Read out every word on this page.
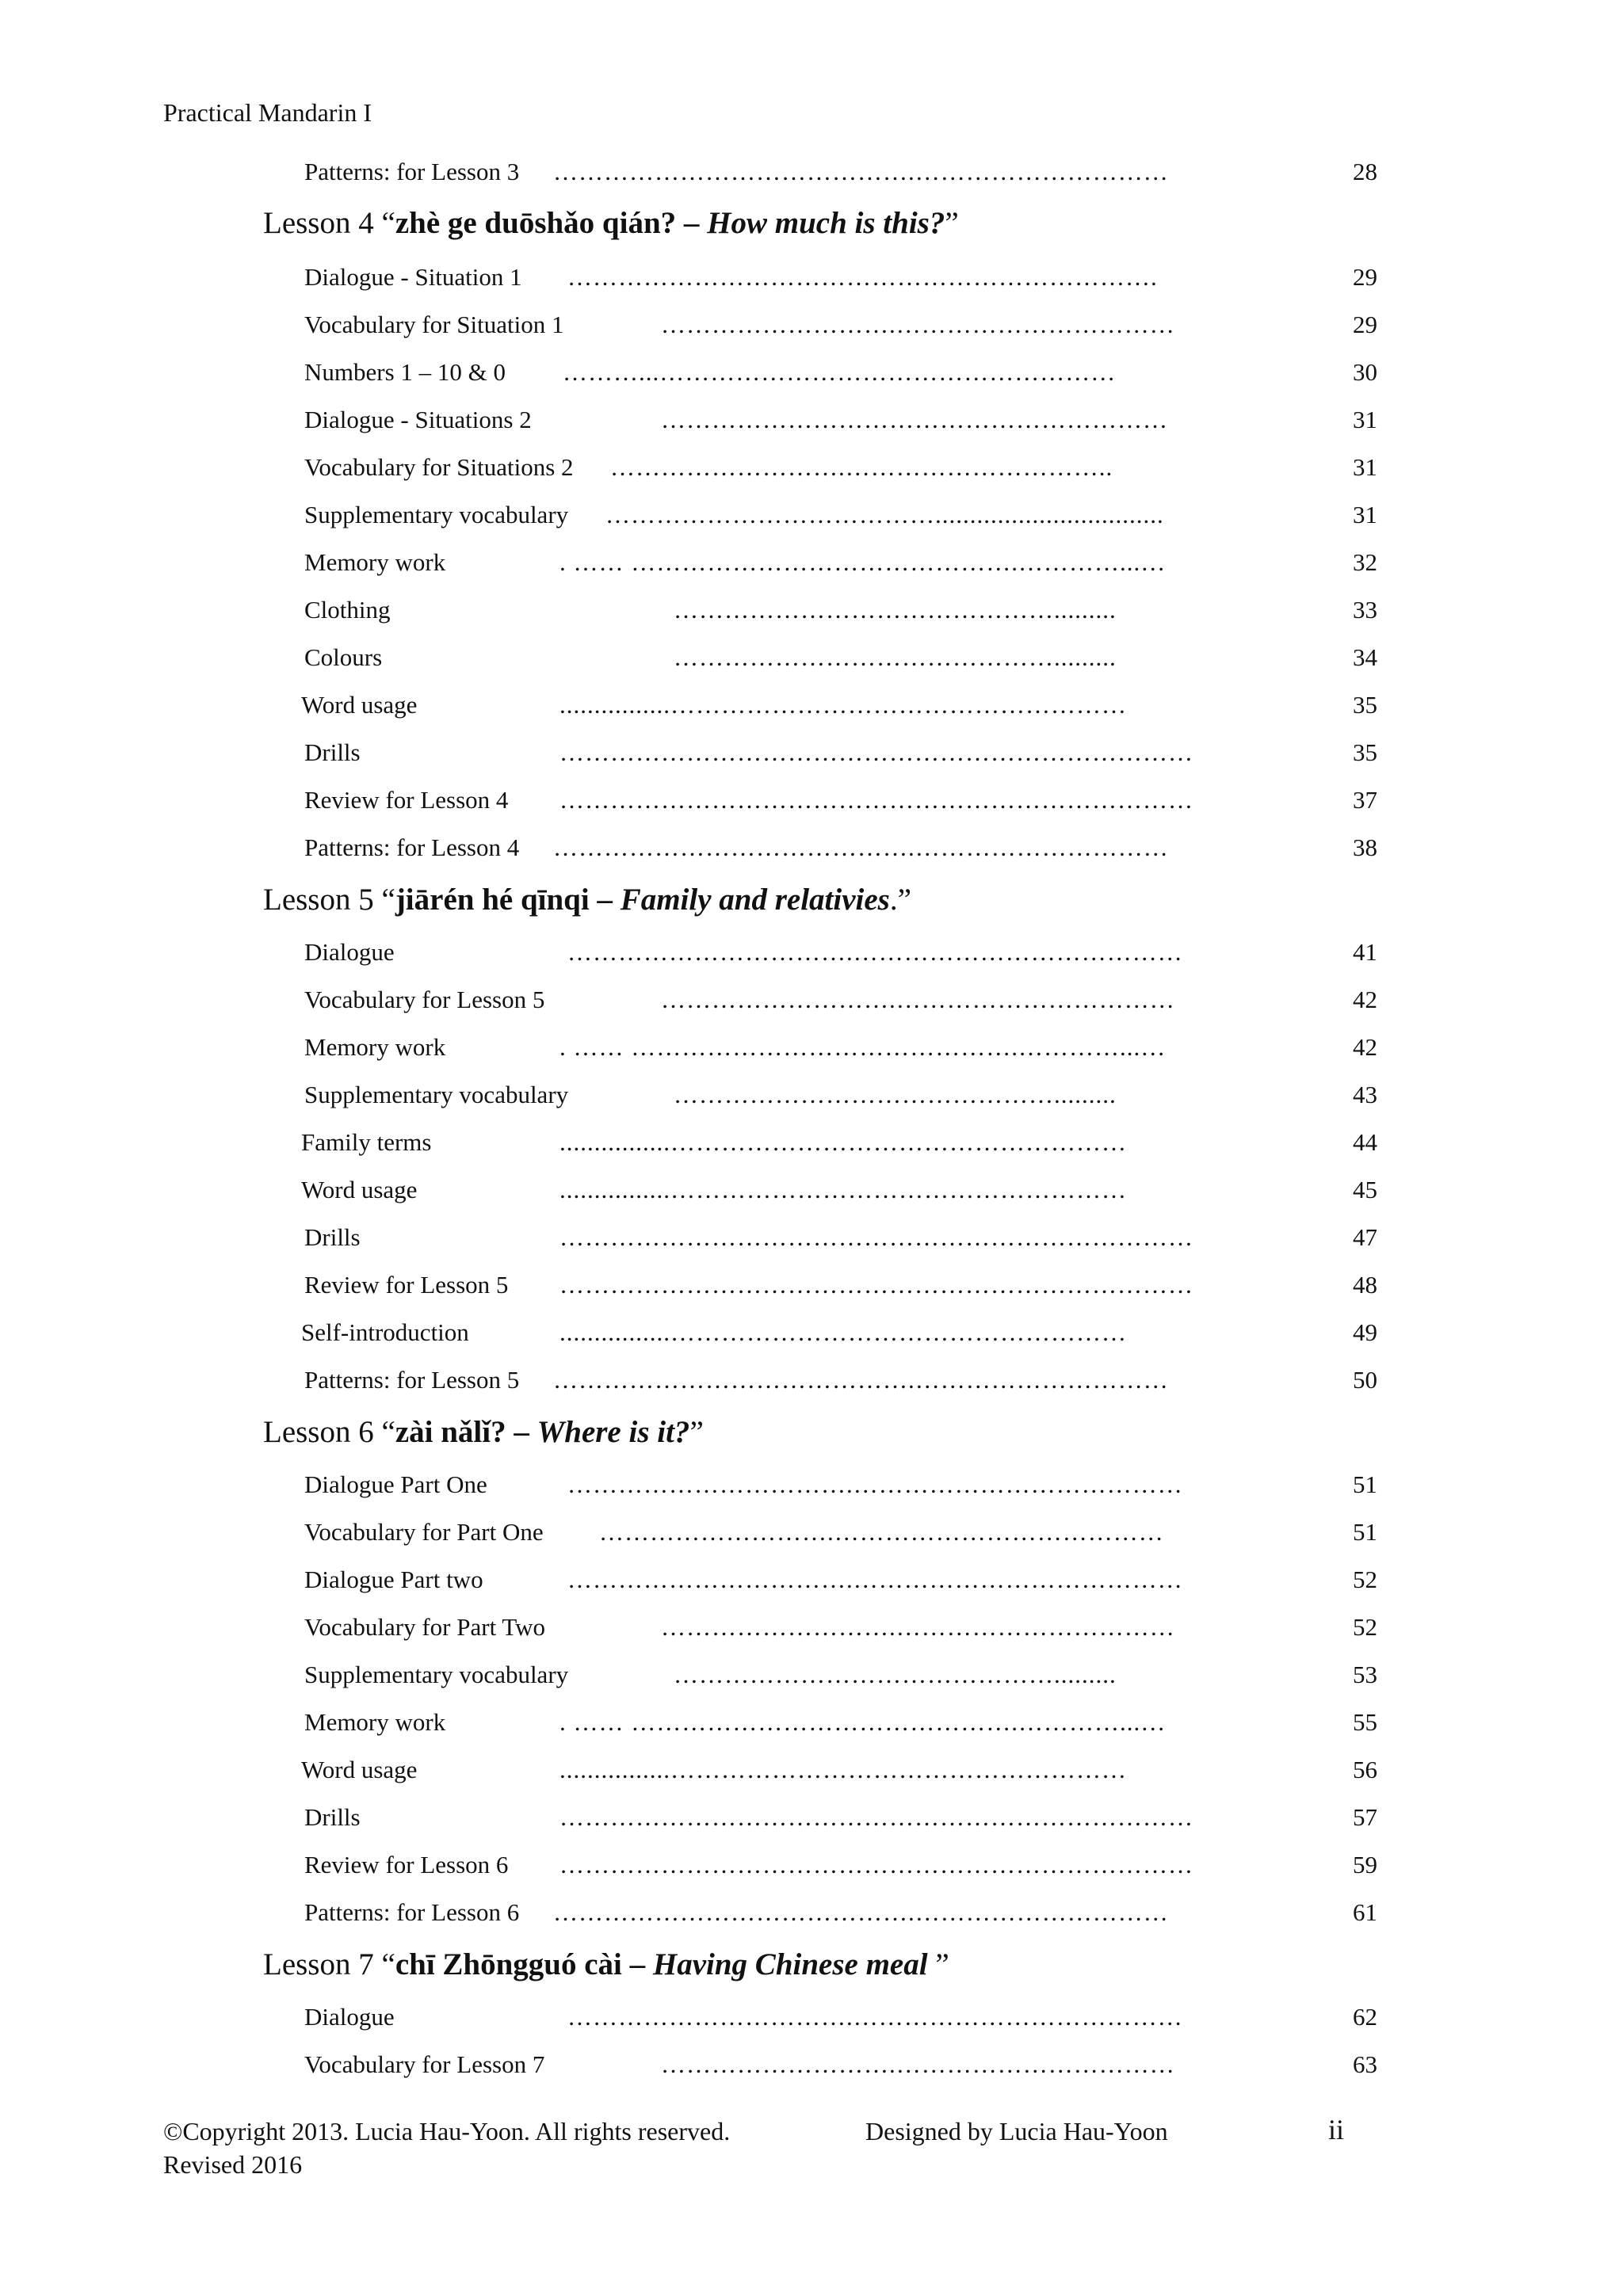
Practical Mandarin I
Patterns: for Lesson 3 …………………………………….…………………………	28
Lesson 4 “zhè ge duōshǎo qián? – How much is this?”
Dialogue - Situation 1 …………………………………………………………….	29
Vocabulary for Situation 1	……………………….……………………………	29
Numbers 1 – 10 & 0 ………...………………………………………………	30
Dialogue - Situations 2	……………………………………………………	31
Vocabulary for Situations 2 ……………………….…………………………..	31
Supplementary vocabulary ………………………………….................................	31
Memory work	. …… ……………………………………….…………...…	32
Clothing	……………………………………….........	33
Colours	……………………………………….........	34
Word usage	................………………………………………………	35
Drills	…………………………………………………………………	35
Review for Lesson 4 …………………………………………………………………	37
Patterns: for Lesson 4 …………………………………….…………………………	38
Lesson 5 “jiārén hé qīnqi – Family and relativies.”
Dialogue	…………………………….…………………………………	41
Vocabulary for Lesson 5	……………………….……………………………	42
Memory work	. …… ……………………………………….…………...…	42
Supplementary vocabulary	……………………………………….........	43
Family terms	................………………………………………………	44
Word usage	................………………………………………………	45
Drills	…………………………………………………………………	47
Review for Lesson 5 …………………………………………………………………	48
Self-introduction	................………………………………………………	49
Patterns: for Lesson 5 …………………………………….…………………………	50
Lesson 6 “zài nǎlǐ? – Where is it?”
Dialogue Part One	…………………………….…………………………………	51
Vocabulary for Part One ……………………….…………………………………	51
Dialogue Part two	…………………………….…………………………………	52
Vocabulary for Part Two	……………………….……………………………	52
Supplementary vocabulary	……………………………………….........	53
Memory work	. …… ……………………………………….…………...…	55
Word usage	................………………………………………………	56
Drills	…………………………………………………………………	57
Review for Lesson 6 …………………………………………………………………	59
Patterns: for Lesson 6 …………………………………….…………………………	61
Lesson 7 “chī Zhōngguó cài – Having Chinese meal ”
Dialogue	…………………………….…………………………………	62
Vocabulary for Lesson 7	……………………….……………………………	63
©Copyright 2013. Lucia Hau-Yoon. All rights reserved.	Designed by Lucia Hau-Yoon	ii
Revised 2016
